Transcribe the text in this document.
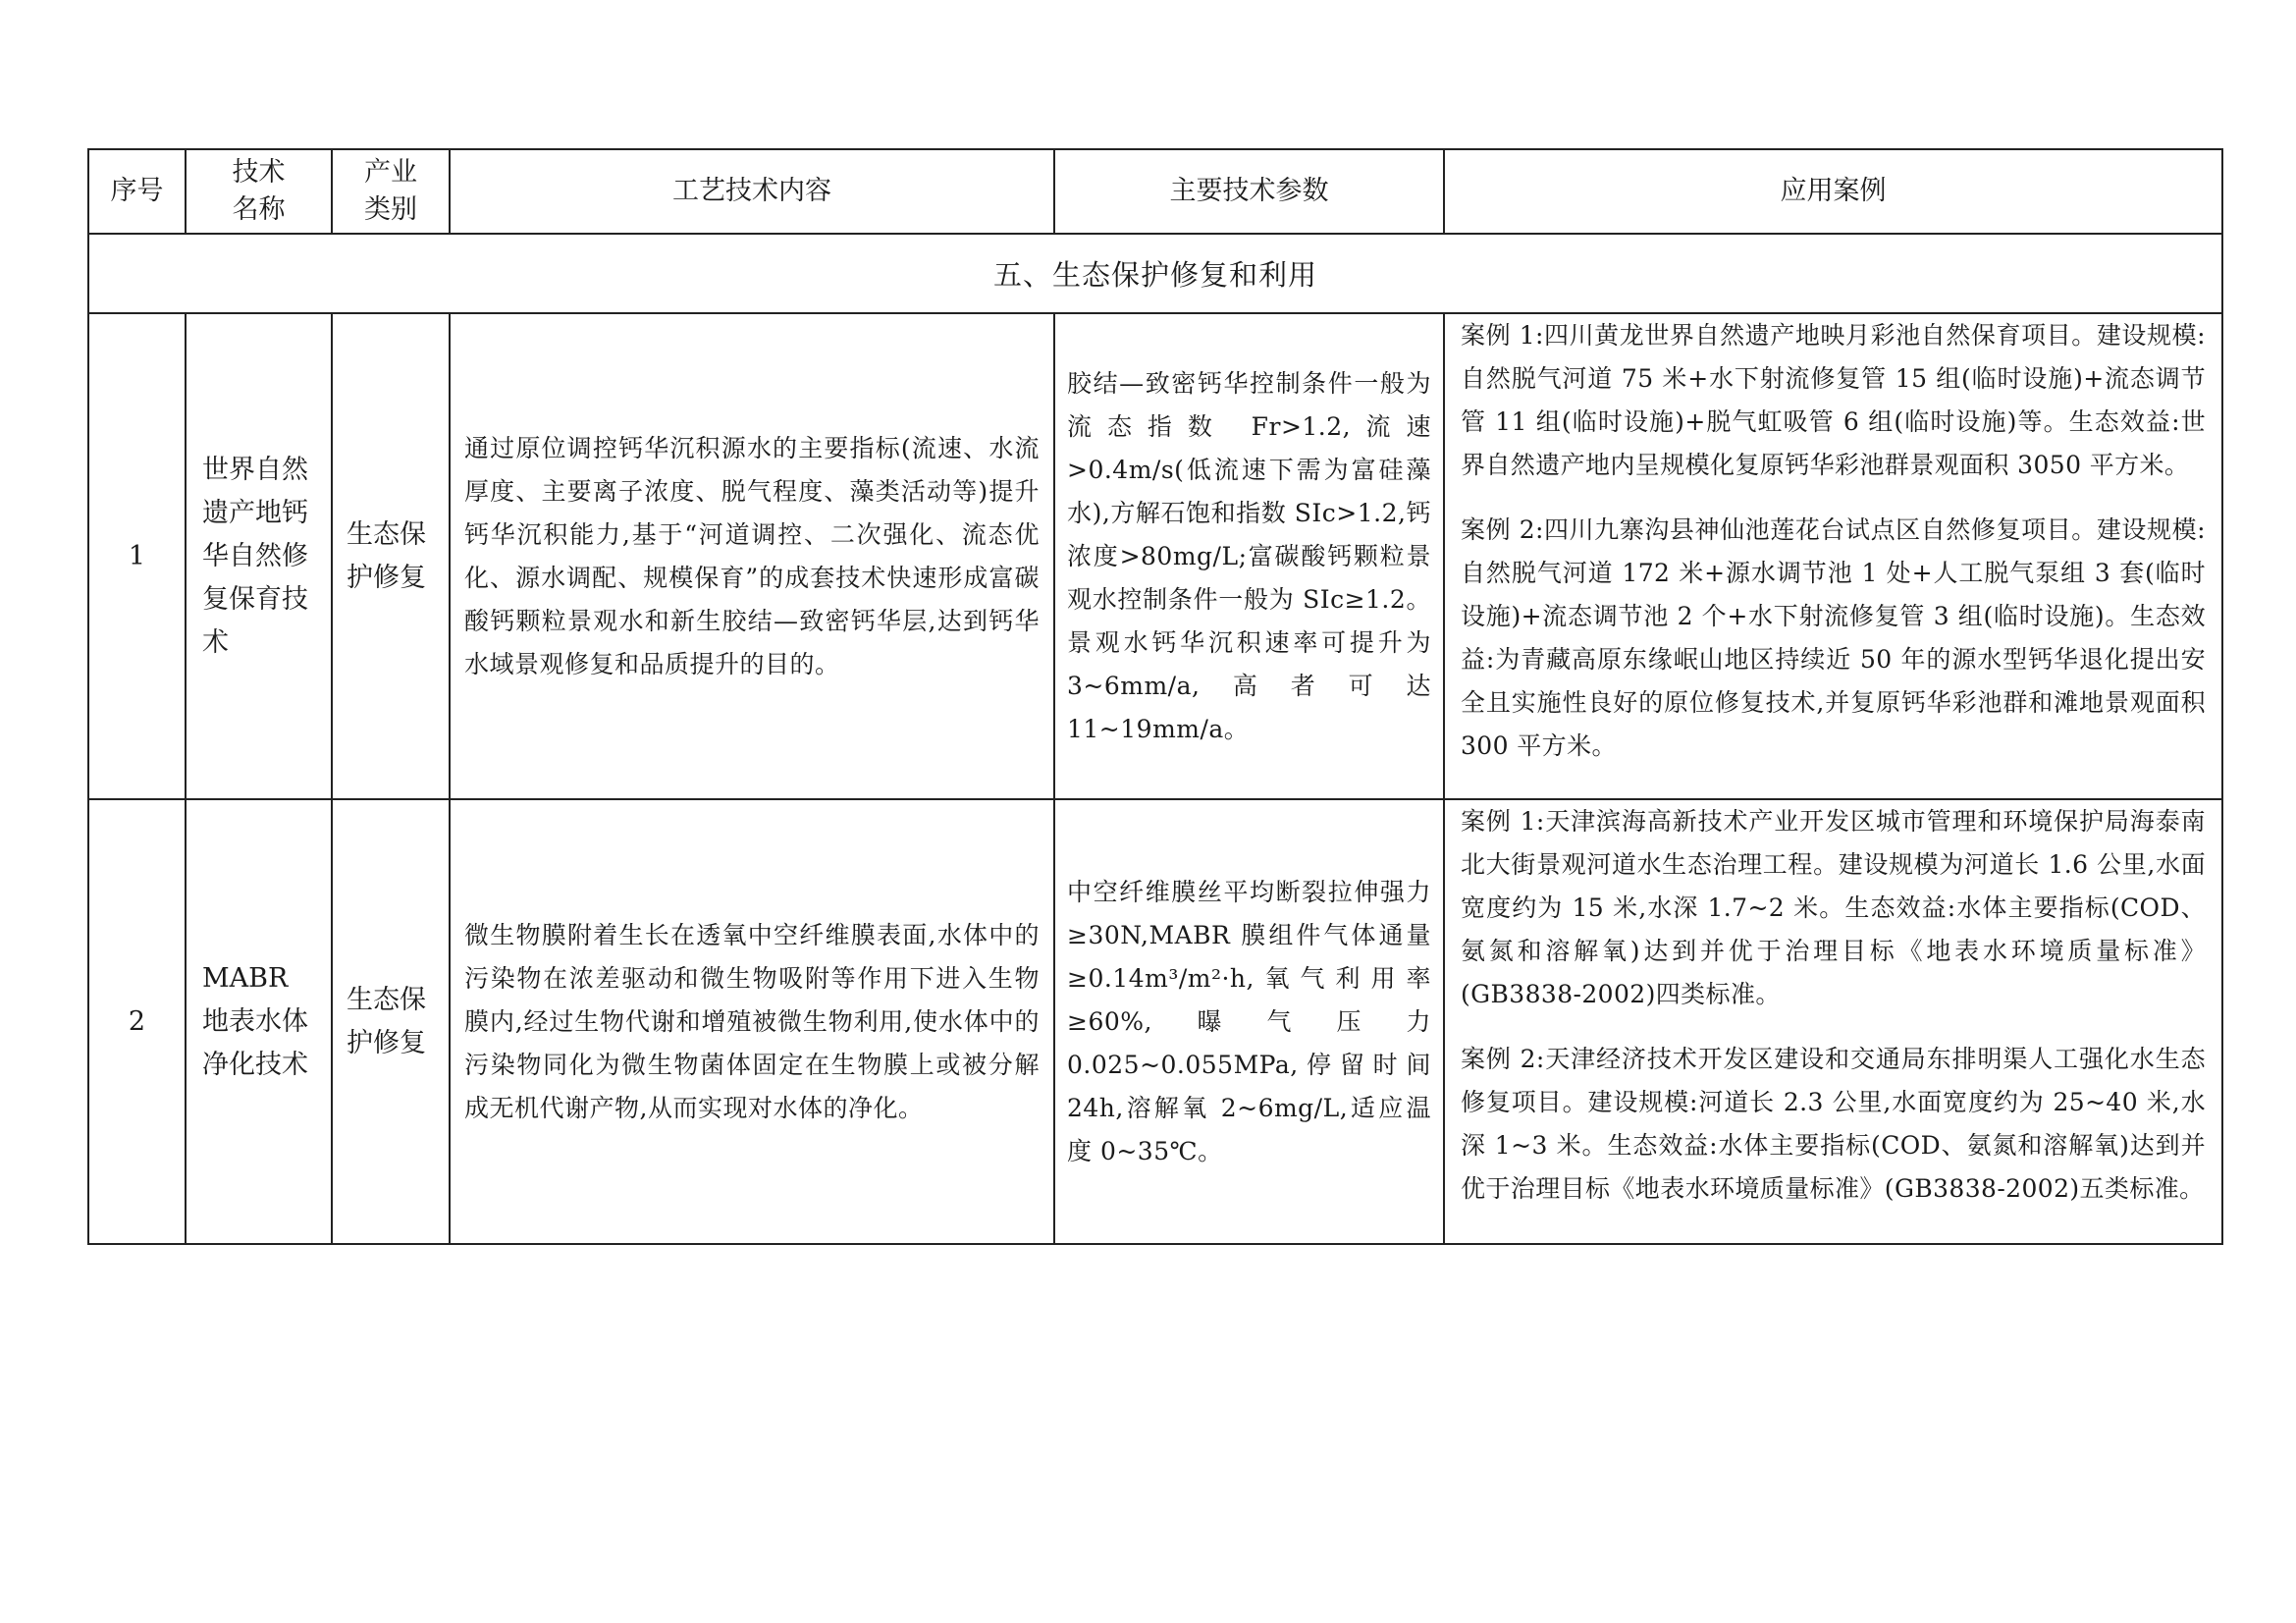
序号	技术名称	产业类别	工艺技术内容	主要技术参数	应用案例
五、生态保护修复和利用					
1	世界自然遗产地钙华自然修复保育技术	生态保护修复	通过原位调控钙华沉积源水的主要指标(流速、水流厚度、主要离子浓度、脱气程度、藻类活动等)提升钙华沉积能力,基于“河道调控、二次强化、流态优化、源水调配、规模保育”的成套技术快速形成富碳酸钙颗粒景观水和新生胶结—致密钙华层,达到钙华水域景观修复和品质提升的目的。	胶结—致密钙华控制条件一般为流态指数 Fr>1.2,流速>0.4m/s(低流速下需为富硅藻水),方解石饱和指数 SIc>1.2,钙浓度>80mg/L;富碳酸钙颗粒景观水控制条件一般为 SIc≥1.2。景观水钙华沉积速率可提升为 3~6mm/a,高者可达 11~19mm/a。	案例 1:四川黄龙世界自然遗产地映月彩池自然保育项目。建设规模:自然脱气河道 75 米+水下射流修复管 15 组(临时设施)+流态调节管 11 组(临时设施)+脱气虹吸管 6 组(临时设施)等。生态效益:世界自然遗产地内呈规模化复原钙华彩池群景观面积 3050 平方米。
案例 2:四川九寨沟县神仙池莲花台试点区自然修复项目。建设规模:自然脱气河道 172 米+源水调节池 1 处+人工脱气泵组 3 套(临时设施)+流态调节池 2 个+水下射流修复管 3 组(临时设施)。生态效益:为青藏高原东缘岷山地区持续近 50 年的源水型钙华退化提出安全且实施性良好的原位修复技术,并复原钙华彩池群和滩地景观面积 300 平方米。

2	MABR 地表水体净化技术	生态保护修复	微生物膜附着生长在透氧中空纤维膜表面,水体中的污染物在浓差驱动和微生物吸附等作用下进入生物膜内,经过生物代谢和增殖被微生物利用,使水体中的污染物同化为微生物菌体固定在生物膜上或被分解成无机代谢产物,从而实现对水体的净化。	中空纤维膜丝平均断裂拉伸强力≥30N,MABR 膜组件气体通量≥0.14m³/m²·h,氧气利用率≥60%,曝气压力 0.025~0.055MPa,停留时间 24h,溶解氧 2~6mg/L,适应温度 0~35℃。	案例 1:天津滨海高新技术产业开发区城市管理和环境保护局海泰南北大街景观河道水生态治理工程。建设规模为河道长 1.6 公里,水面宽度约为 15 米,水深 1.7~2 米。生态效益:水体主要指标(COD、氨氮和溶解氧)达到并优于治理目标《地表水环境质量标准》(GB3838-2002)四类标准。
案例 2:天津经济技术开发区建设和交通局东排明渠人工强化水生态修复项目。建设规模:河道长 2.3 公里,水面宽度约为 25~40 米,水深 1~3 米。生态效益:水体主要指标(COD、氨氮和溶解氧)达到并优于治理目标《地表水环境质量标准》(GB3838-2002)五类标准。
